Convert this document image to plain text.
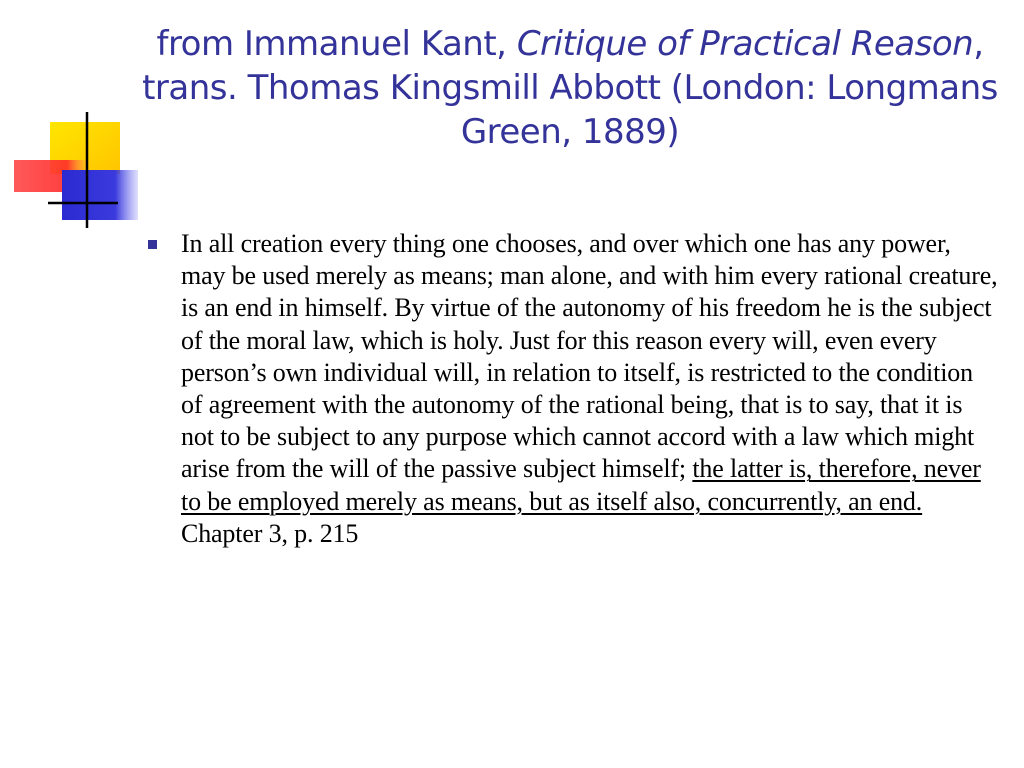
from Immanuel Kant, Critique of Practical Reason, trans. Thomas Kingsmill Abbott (London: Longmans Green, 1889)
In all creation every thing one chooses, and over which one has any power, may be used merely as means; man alone, and with him every rational creature, is an end in himself. By virtue of the autonomy of his freedom he is the subject of the moral law, which is holy. Just for this reason every will, even every person’s own individual will, in relation to itself, is restricted to the condition of agreement with the autonomy of the rational being, that is to say, that it is not to be subject to any purpose which cannot accord with a law which might arise from the will of the passive subject himself; the latter is, therefore, never to be employed merely as means, but as itself also, concurrently, an end. Chapter 3, p. 215
